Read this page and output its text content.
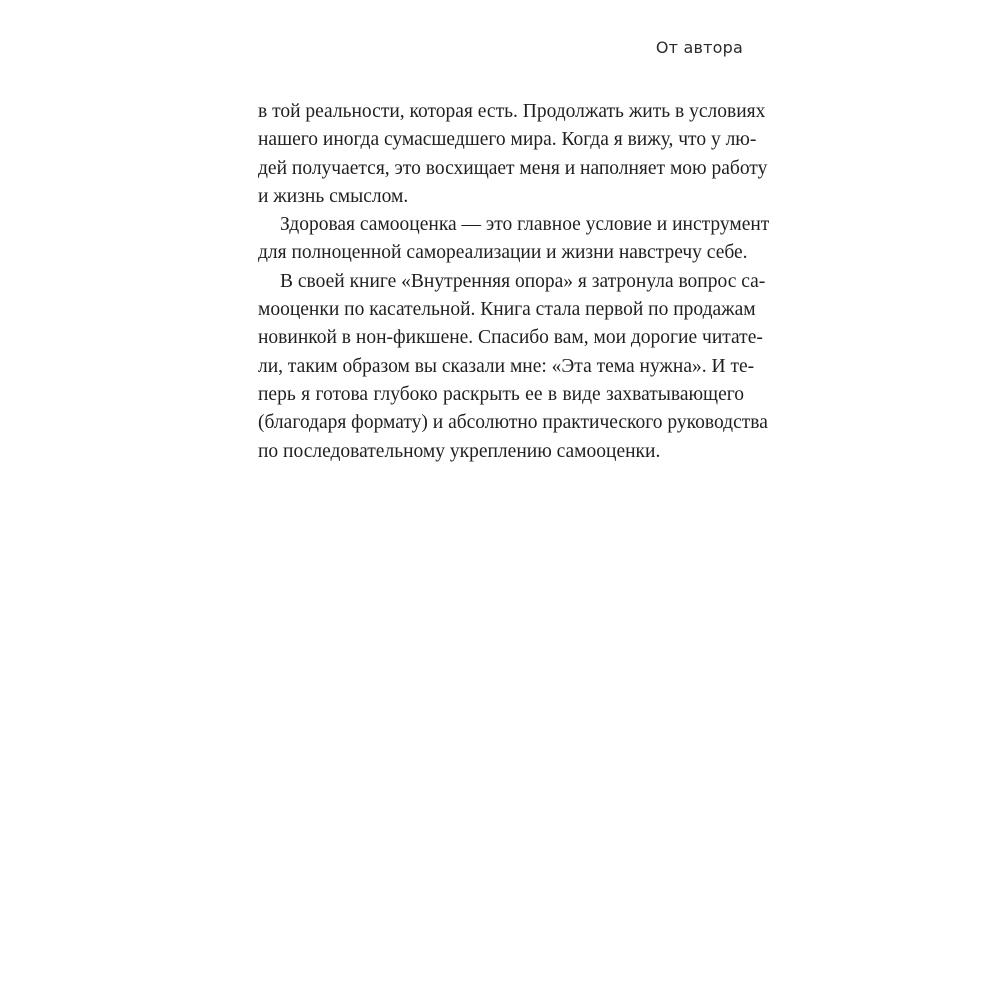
От автора
в той реальности, которая есть. Продолжать жить в условиях
нашего иногда сумасшедшего мира. Когда я вижу, что у лю-
дей получается, это восхищает меня и наполняет мою работу
и жизнь смыслом.
Здоровая самооценка — это главное условие и инструмент
для полноценной самореализации и жизни навстречу себе.
В своей книге «Внутренняя опора» я затронула вопрос са-
мооценки по касательной. Книга стала первой по продажам
новинкой в нон-фикшене. Спасибо вам, мои дорогие читате-
ли, таким образом вы сказали мне: «Эта тема нужна». И те-
перь я готова глубоко раскрыть ее в виде захватывающего
(благодаря формату) и абсолютно практического руководства
по последовательному укреплению самооценки.
